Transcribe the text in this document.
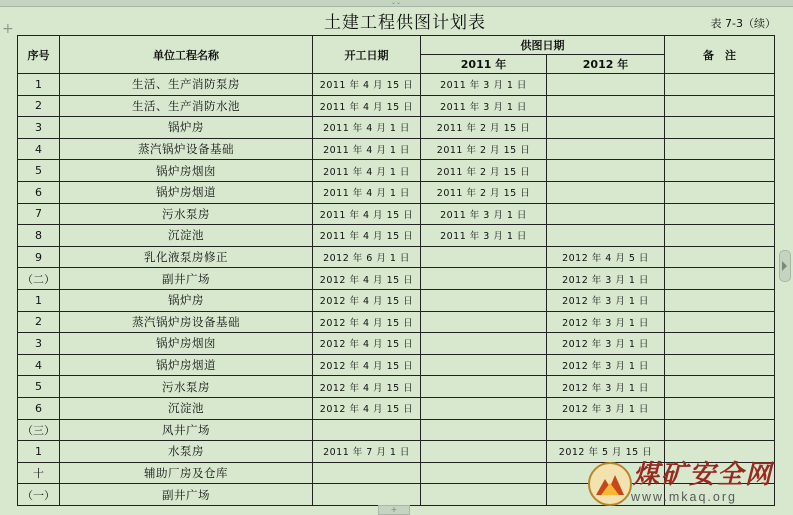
⌄⌄
+	土建工程供图计划表	表 7-3（续）
序号	单位工程名称	开工日期	供图日期		备　注
			2011 年	2012 年	
1	生活、生产消防泵房	2011 年 4 月 15 日	2011 年 3 月 1 日		
2	生活、生产消防水池	2011 年 4 月 15 日	2011 年 3 月 1 日		
3	锅炉房	2011 年 4 月 1 日	2011 年 2 月 15 日		
4	蒸汽锅炉设备基础	2011 年 4 月 1 日	2011 年 2 月 15 日		
5	锅炉房烟囱	2011 年 4 月 1 日	2011 年 2 月 15 日		
6	锅炉房烟道	2011 年 4 月 1 日	2011 年 2 月 15 日		
7	污水泵房	2011 年 4 月 15 日	2011 年 3 月 1 日		
8	沉淀池	2011 年 4 月 15 日	2011 年 3 月 1 日		
9	乳化液泵房修正	2012 年 6 月 1 日		2012 年 4 月 5 日	
（二）	副井广场	2012 年 4 月 15 日		2012 年 3 月 1 日	
1	锅炉房	2012 年 4 月 15 日		2012 年 3 月 1 日	
2	蒸汽锅炉房设备基础	2012 年 4 月 15 日		2012 年 3 月 1 日	
3	锅炉房烟囱	2012 年 4 月 15 日		2012 年 3 月 1 日	
4	锅炉房烟道	2012 年 4 月 15 日		2012 年 3 月 1 日	
5	污水泵房	2012 年 4 月 15 日		2012 年 3 月 1 日	
6	沉淀池	2012 年 4 月 15 日		2012 年 3 月 1 日	
（三）	风井广场				
1	水泵房	2011 年 7 月 1 日		2012 年 5 月 15 日	
十	辅助厂房及仓库				
（一）	副井广场				
+
煤矿安全网
www.mkaq.org
